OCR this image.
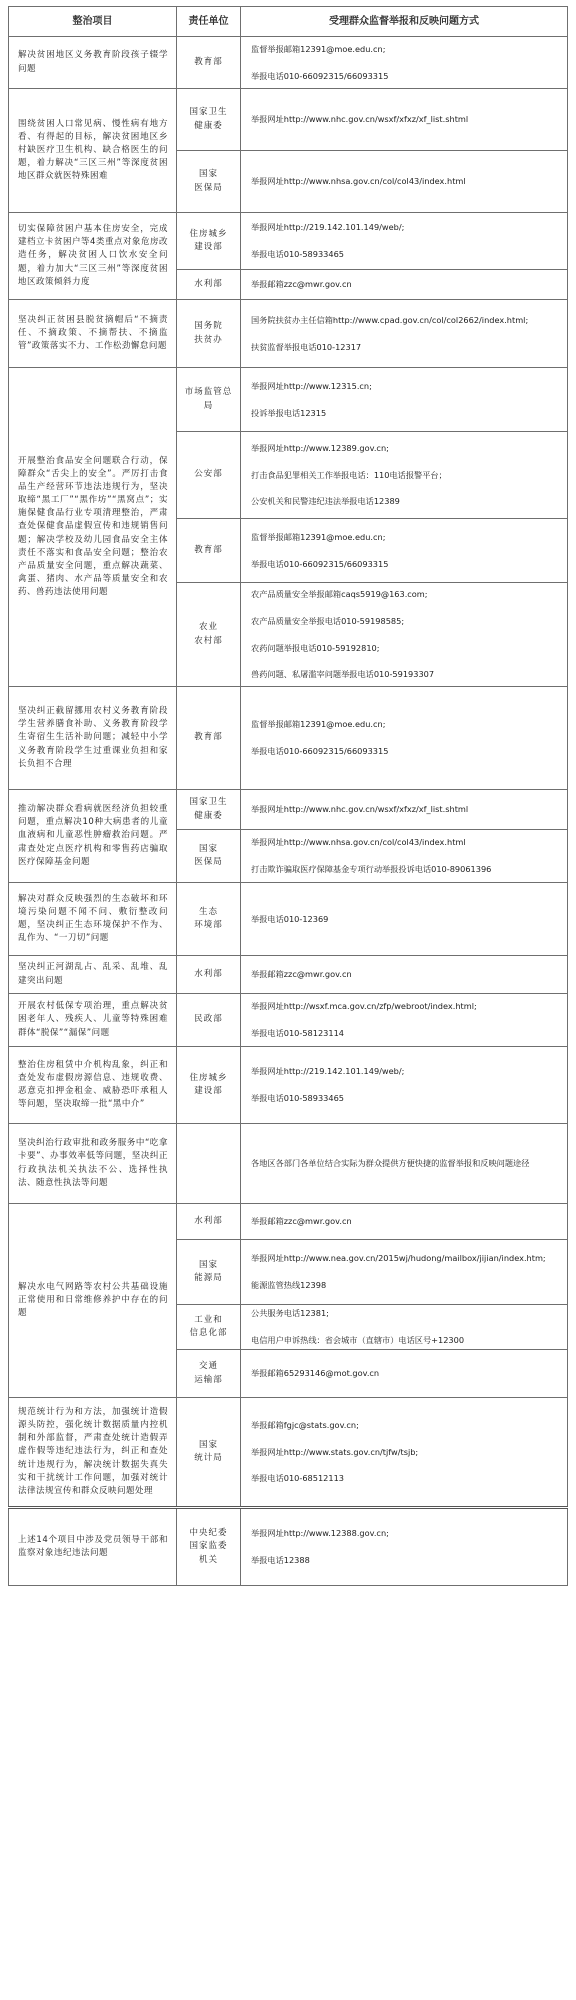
整治项目	责任单位	受理群众监督举报和反映问题方式
解决贫困地区义务教育阶段孩子辍学问题	教育部	监督举报邮箱12391@moe.edu.cn;
举报电话010-66092315/66093315

围绕贫困人口常见病、慢性病有地方看、有得起的目标，解决贫困地区乡村缺医疗卫生机构、缺合格医生的问题，着力解决“三区三州”等深度贫困地区群众就医特殊困难	国家卫生
健康委	举报网址http://www.nhc.gov.cn/wsxf/xfxz/xf_list.shtml

	国家
医保局	举报网址http://www.nhsa.gov.cn/col/col43/index.html

切实保障贫困户基本住房安全，完成建档立卡贫困户等4类重点对象危房改造任务，解决贫困人口饮水安全问题，着力加大“三区三州”等深度贫困地区政策倾斜力度	住房城乡
建设部	举报网址http://219.142.101.149/web/;
举报电话010-58933465

	水利部	举报邮箱zzc@mwr.gov.cn

坚决纠正贫困县脱贫摘帽后“不摘责任、不摘政策、不摘帮扶、不摘监管”政策落实不力、工作松劲懈怠问题	国务院
扶贫办	国务院扶贫办主任信箱http://www.cpad.gov.cn/col/col2662/index.html;
扶贫监督举报电话010-12317

开展整治食品安全问题联合行动，保障群众“舌尖上的安全”。严厉打击食品生产经营环节违法违规行为，坚决取缔“黑工厂”“黑作坊”“黑窝点”；实施保健食品行业专项清理整治，严肃查处保健食品虚假宣传和违规销售问题；解决学校及幼儿园食品安全主体责任不落实和食品安全问题；整治农产品质量安全问题，重点解决蔬菜、禽蛋、猪肉、水产品等质量安全和农药、兽药违法使用问题	市场监管总局	举报网址http://www.12315.cn;
投诉举报电话12315

	公安部	举报网址http://www.12389.gov.cn;
打击食品犯罪相关工作举报电话：110电话报警平台；
公安机关和民警违纪违法举报电话12389

	教育部	监督举报邮箱12391@moe.edu.cn;
举报电话010-66092315/66093315

	农业
农村部	农产品质量安全举报邮箱caqs5919@163.com;
农产品质量安全举报电话010-59198585;
农药问题举报电话010-59192810;
兽药问题、私屠滥宰问题举报电话010-59193307

坚决纠正截留挪用农村义务教育阶段学生营养膳食补助、义务教育阶段学生寄宿生生活补助问题；减轻中小学义务教育阶段学生过重课业负担和家长负担不合理	教育部	监督举报邮箱12391@moe.edu.cn;
举报电话010-66092315/66093315

推动解决群众看病就医经济负担较重问题，重点解决10种大病患者的儿童血液病和儿童恶性肿瘤救治问题。严肃查处定点医疗机构和零售药店骗取医疗保障基金问题	国家卫生
健康委	举报网址http://www.nhc.gov.cn/wsxf/xfxz/xf_list.shtml

	国家
医保局	举报网址http://www.nhsa.gov.cn/col/col43/index.html
打击欺诈骗取医疗保障基金专项行动举报投诉电话010-89061396

解决对群众反映强烈的生态破坏和环境污染问题不闻不问、敷衍整改问题，坚决纠正生态环境保护不作为、乱作为、“一刀切”问题	生态
环境部	举报电话010-12369

坚决纠正河湖乱占、乱采、乱堆、乱建突出问题	水利部	举报邮箱zzc@mwr.gov.cn

开展农村低保专项治理，重点解决贫困老年人、残疾人、儿童等特殊困难群体“脱保”“漏保”问题	民政部	举报网址http://wsxf.mca.gov.cn/zfp/webroot/index.html;
举报电话010-58123114

整治住房租赁中介机构乱象，纠正和查处发布虚假房源信息、违规收费、恶意克扣押金租金、威胁恐吓承租人等问题，坚决取缔一批“黑中介”	住房城乡
建设部	举报网址http://219.142.101.149/web/;
举报电话010-58933465

坚决纠治行政审批和政务服务中“吃拿卡要”、办事效率低等问题，坚决纠正行政执法机关执法不公、选择性执法、随意性执法等问题		各地区各部门各单位结合实际为群众提供方便快捷的监督举报和反映问题途径

解决水电气网路等农村公共基础设施正常使用和日常维修养护中存在的问题	水利部	举报邮箱zzc@mwr.gov.cn

	国家
能源局	举报网址http://www.nea.gov.cn/2015wj/hudong/mailbox/jijian/index.htm;
能源监管热线12398

	工业和
信息化部	公共服务电话12381;
电信用户申诉热线：省会城市（直辖市）电话区号+12300

	交通
运输部	举报邮箱65293146@mot.gov.cn

规范统计行为和方法，加强统计造假源头防控，强化统计数据质量内控机制和外部监督，严肃查处统计造假弄虚作假等违纪违法行为，纠正和查处统计违规行为，解决统计数据失真失实和干扰统计工作问题，加强对统计法律法规宣传和群众反映问题处理	国家
统计局	举报邮箱fgjc@stats.gov.cn;
举报网址http://www.stats.gov.cn/tjfw/tsjb;
举报电话010-68512113

上述14个项目中涉及党员领导干部和监察对象违纪违法问题	中央纪委
国家监委
机关	举报网址http://www.12388.gov.cn;
举报电话12388
